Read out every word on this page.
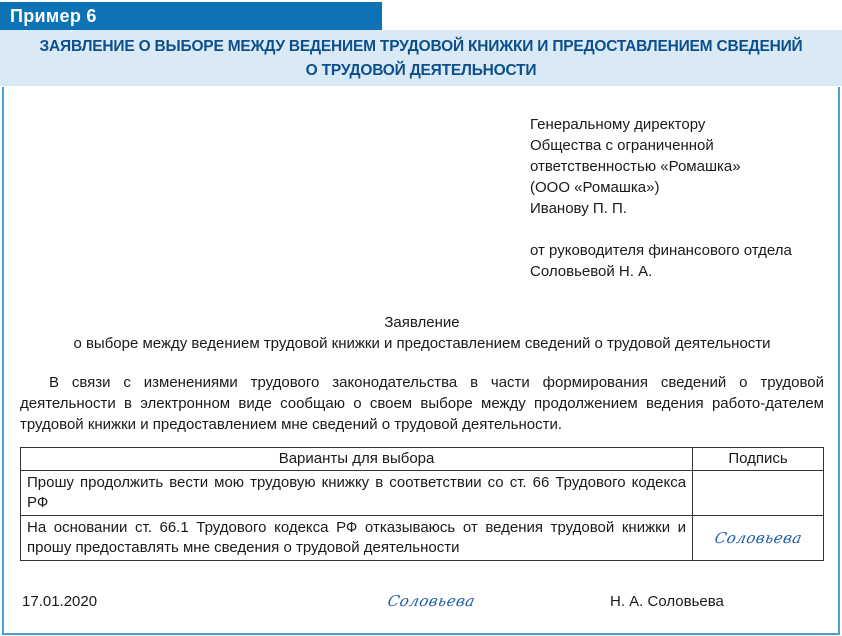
Пример 6
ЗАЯВЛЕНИЕ О ВЫБОРЕ МЕЖДУ ВЕДЕНИЕМ ТРУДОВОЙ КНИЖКИ И ПРЕДОСТАВЛЕНИЕМ СВЕДЕНИЙ
О ТРУДОВОЙ ДЕЯТЕЛЬНОСТИ
Генеральному директору
Общества с ограниченной
ответственностью «Ромашка»
(ООО «Ромашка»)
Иванову П. П.
от руководителя финансового отдела
Соловьевой Н. А.
Заявление
о выборе между ведением трудовой книжки и предоставлением сведений о трудовой деятельности
В связи с изменениями трудового законодательства в части формирования сведений о трудовой деятельности в электронном виде сообщаю о своем выборе между продолжением ведения работо-дателем трудовой книжки и предоставлением мне сведений о трудовой деятельности.
Варианты для выбора	Подпись
Прошу продолжить вести мою трудовую книжку в соответствии со ст. 66 Трудового кодекса РФ	
На основании ст. 66.1 Трудового кодекса РФ отказываюсь от ведения трудовой книжки и прошу предоставлять мне сведения о трудовой деятельности	Соловьева
17.01.2020	Соловьева	Н. А. Соловьева
